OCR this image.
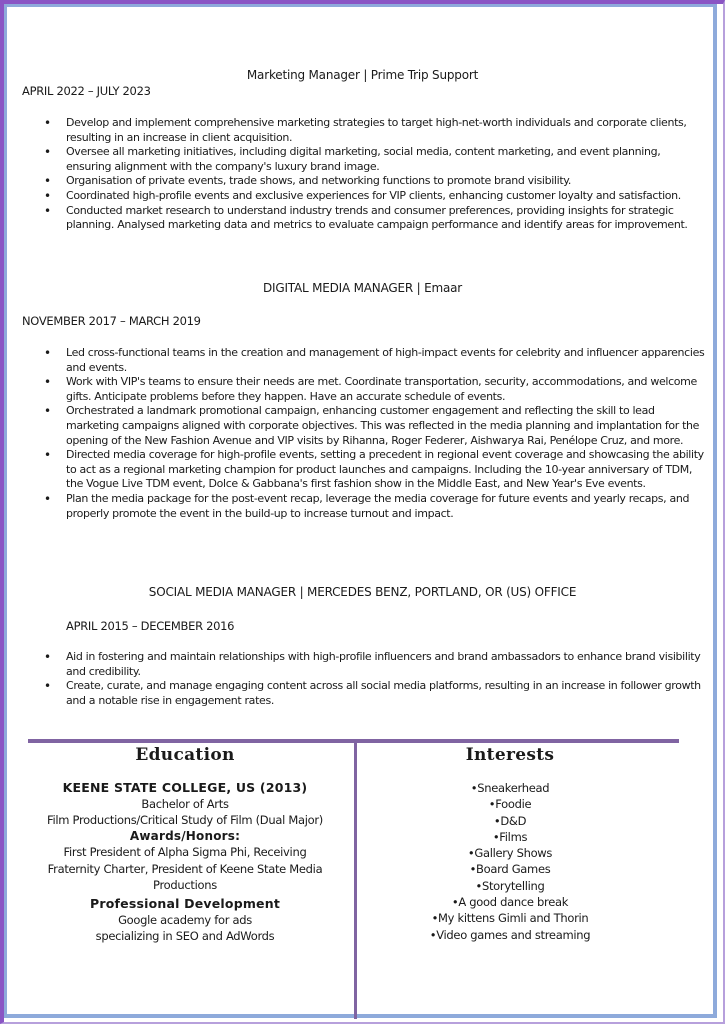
Marketing Manager | Prime Trip Support
APRIL 2022 – JULY 2023
• Develop and implement comprehensive marketing strategies to target high-net-worth individuals and corporate clients, resulting in an increase in client acquisition.
• Oversee all marketing initiatives, including digital marketing, social media, content marketing, and event planning, ensuring alignment with the company's luxury brand image.
• Organisation of private events, trade shows, and networking functions to promote brand visibility.
• Coordinated high-profile events and exclusive experiences for VIP clients, enhancing customer loyalty and satisfaction.
• Conducted market research to understand industry trends and consumer preferences, providing insights for strategic planning. Analysed marketing data and metrics to evaluate campaign performance and identify areas for improvement.
DIGITAL MEDIA MANAGER | Emaar
NOVEMBER 2017 – MARCH 2019
• Led cross-functional teams in the creation and management of high-impact events for celebrity and influencer apparencies and events.
• Work with VIP's teams to ensure their needs are met. Coordinate transportation, security, accommodations, and welcome gifts. Anticipate problems before they happen. Have an accurate schedule of events.
• Orchestrated a landmark promotional campaign, enhancing customer engagement and reflecting the skill to lead marketing campaigns aligned with corporate objectives. This was reflected in the media planning and implantation for the opening of the New Fashion Avenue and VIP visits by Rihanna, Roger Federer, Aishwarya Rai, Penélope Cruz, and more.
• Directed media coverage for high-profile events, setting a precedent in regional event coverage and showcasing the ability to act as a regional marketing champion for product launches and campaigns. Including the 10-year anniversary of TDM, the Vogue Live TDM event, Dolce & Gabbana's first fashion show in the Middle East, and New Year's Eve events.
• Plan the media package for the post-event recap, leverage the media coverage for future events and yearly recaps, and properly promote the event in the build-up to increase turnout and impact.
SOCIAL MEDIA MANAGER | MERCEDES BENZ, PORTLAND, OR (US) OFFICE
APRIL 2015 – DECEMBER 2016
• Aid in fostering and maintain relationships with high-profile influencers and brand ambassadors to enhance brand visibility and credibility.
• Create, curate, and manage engaging content across all social media platforms, resulting in an increase in follower growth and a notable rise in engagement rates.
Education
KEENE STATE COLLEGE, US (2013)
Bachelor of Arts
Film Productions/Critical Study of Film (Dual Major)
Awards/Honors:
First President of Alpha Sigma Phi, Receiving
Fraternity Charter, President of Keene State Media
Productions
Professional Development
Google academy for ads
specializing in SEO and AdWords
Interests
•Sneakerhead
•Foodie
•D&D
•Films
•Gallery Shows
•Board Games
•Storytelling
•A good dance break
•My kittens Gimli and Thorin
•Video games and streaming
